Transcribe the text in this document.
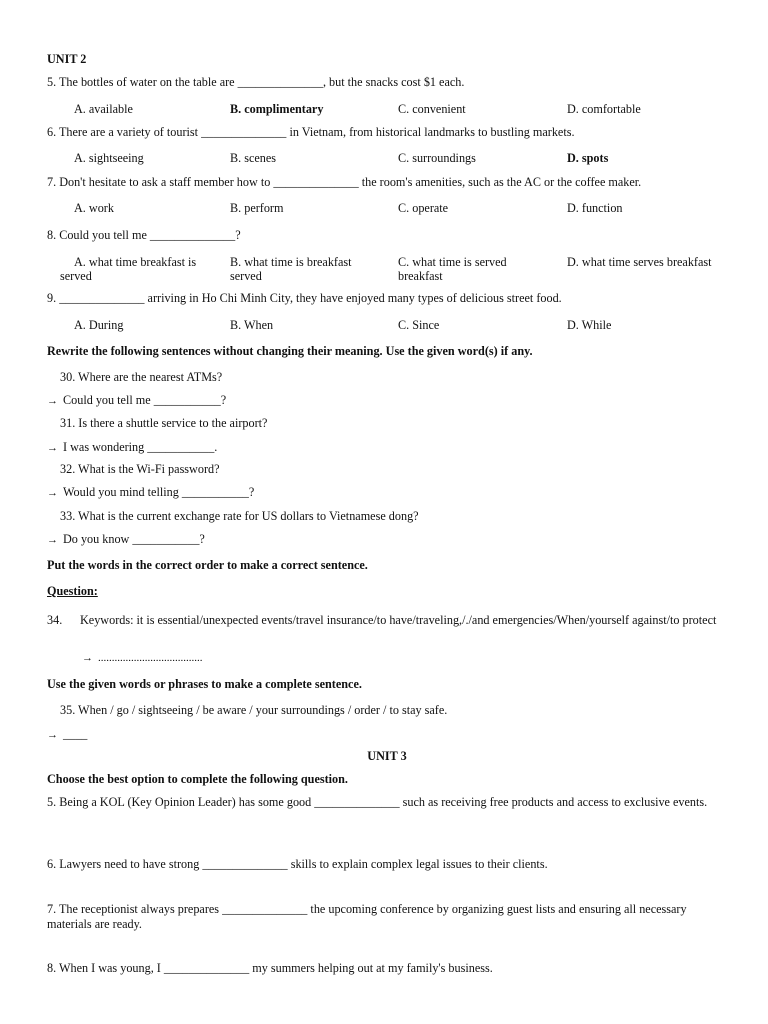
UNIT 2
5. The bottles of water on the table are ______________, but the snacks cost $1 each.
A. available	B. complimentary	C. convenient	D. comfortable
6. There are a variety of tourist ______________ in Vietnam, from historical landmarks to bustling markets.
A. sightseeing	B. scenes	C. surroundings	D. spots
7. Don't hesitate to ask a staff member how to ______________ the room's amenities, such as the AC or the coffee maker.
A. work	B. perform	C. operate	D. function
8. Could you tell me ______________?
A. what time breakfast is served
B. what time is breakfast served
C. what time is served breakfast
D. what time serves breakfast
9. ______________ arriving in Ho Chi Minh City, they have enjoyed many types of delicious street food.
A. During	B. When	C. Since	D. While
Rewrite the following sentences without changing their meaning. Use the given word(s) if any.
30. Where are the nearest ATMs?
→ Could you tell me ___________?
31. Is there a shuttle service to the airport?
→ I was wondering ___________.
32. What is the Wi-Fi password?
→ Would you mind telling ___________?
33. What is the current exchange rate for US dollars to Vietnamese dong?
→ Do you know ___________?
Put the words in the correct order to make a correct sentence.
Question:
34. Keywords: it is essential/unexpected events/travel insurance/to have/traveling,/./and emergencies/When/yourself against/to protect
→ ......................................
Use the given words or phrases to make a complete sentence.
35. When / go / sightseeing / be aware / your surroundings / order / to stay safe.
→ ____
UNIT 3
Choose the best option to complete the following question.
5. Being a KOL (Key Opinion Leader) has some good ______________ such as receiving free products and access to exclusive events.
6. Lawyers need to have strong ______________ skills to explain complex legal issues to their clients.
7. The receptionist always prepares ______________ the upcoming conference by organizing guest lists and ensuring all necessary materials are ready.
8. When I was young, I ______________ my summers helping out at my family's business.
